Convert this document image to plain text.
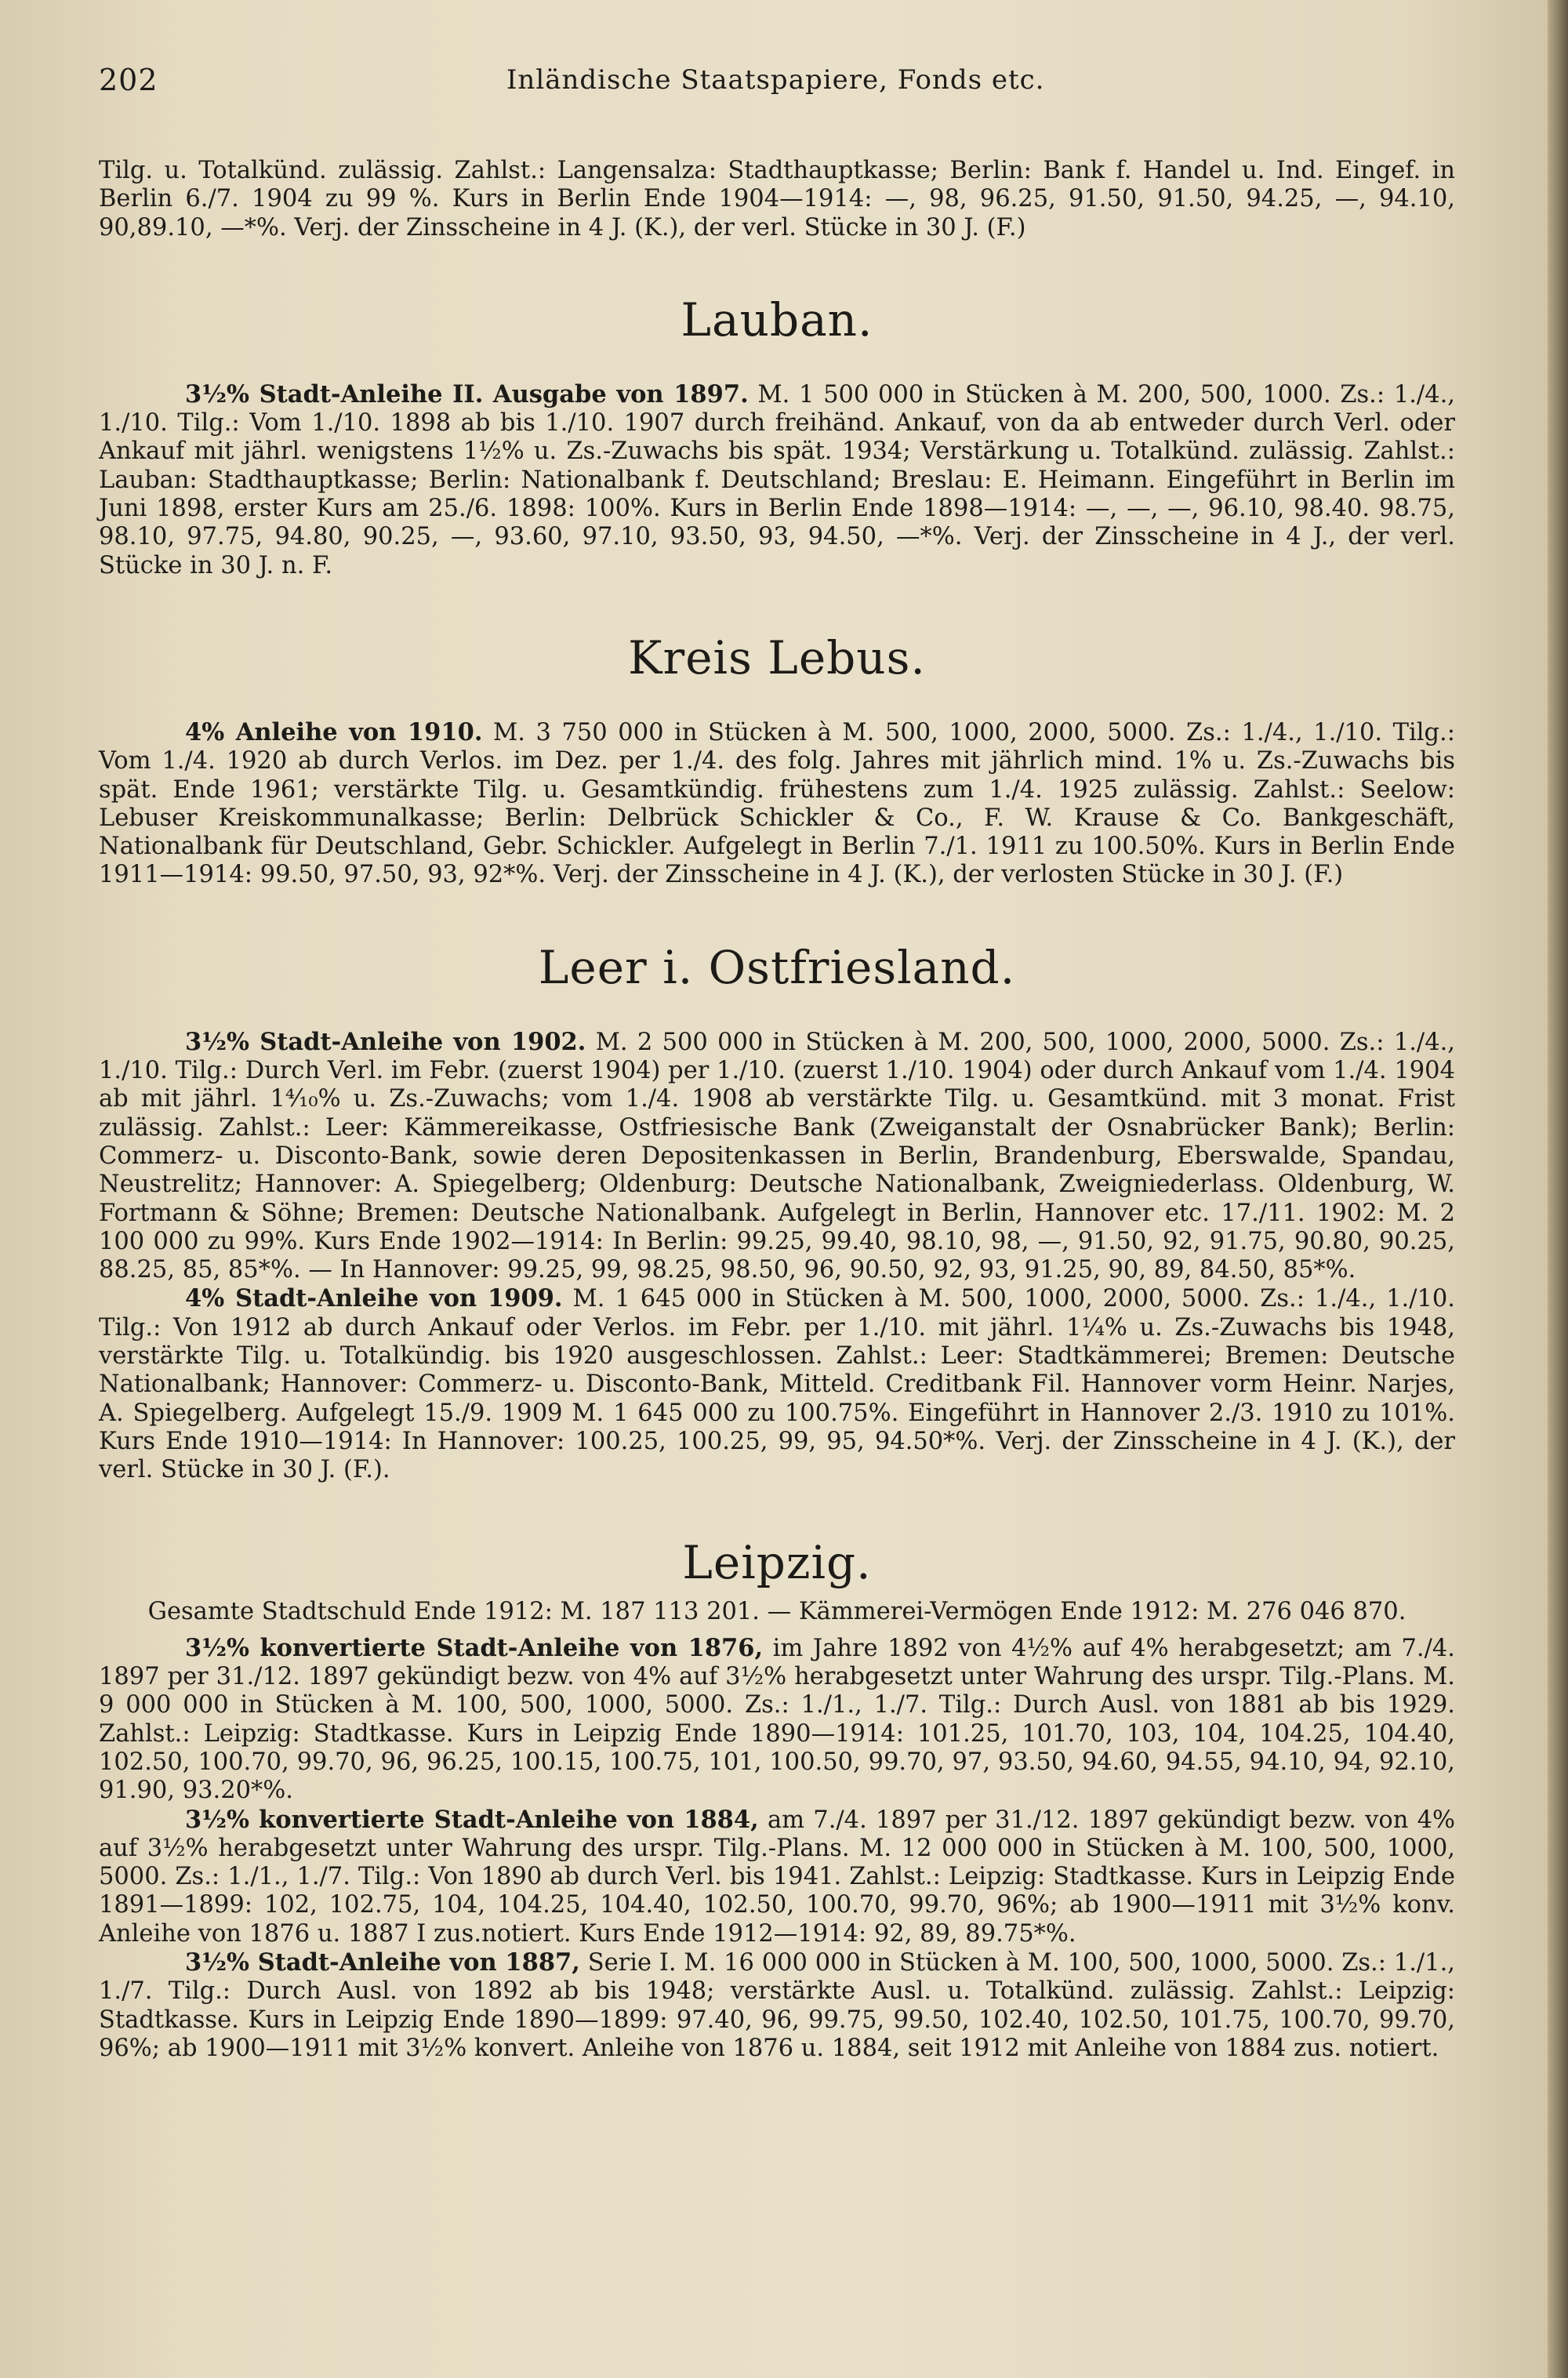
202	Inländische Staatspapiere, Fonds etc.

Tilg. u. Totalkünd. zulässig. Zahlst.: Langensalza: Stadthauptkasse; Berlin: Bank f. Handel u. Ind. Eingef. in Berlin 6./7. 1904 zu 99 %. Kurs in Berlin Ende 1904—1914: —, 98, 96.25, 91.50, 91.50, 94.25, —, 94.10, 90,89.10, —*%. Verj. der Zinsscheine in 4 J. (K.), der verl. Stücke in 30 J. (F.)

Lauban.

3½% Stadt-Anleihe II. Ausgabe von 1897. M. 1 500 000 in Stücken à M. 200, 500, 1000. Zs.: 1./4., 1./10. Tilg.: Vom 1./10. 1898 ab bis 1./10. 1907 durch freihänd. Ankauf, von da ab entweder durch Verl. oder Ankauf mit jährl. wenigstens 1½% u. Zs.-Zuwachs bis spät. 1934; Verstärkung u. Totalkünd. zulässig. Zahlst.: Lauban: Stadthauptkasse; Berlin: Nationalbank f. Deutschland; Breslau: E. Heimann. Eingeführt in Berlin im Juni 1898, erster Kurs am 25./6. 1898: 100%. Kurs in Berlin Ende 1898—1914: —, —, —, 96.10, 98.40. 98.75, 98.10, 97.75, 94.80, 90.25, —, 93.60, 97.10, 93.50, 93, 94.50, —*%. Verj. der Zinsscheine in 4 J., der verl. Stücke in 30 J. n. F.

Kreis Lebus.

4% Anleihe von 1910. M. 3 750 000 in Stücken à M. 500, 1000, 2000, 5000. Zs.: 1./4., 1./10. Tilg.: Vom 1./4. 1920 ab durch Verlos. im Dez. per 1./4. des folg. Jahres mit jährlich mind. 1% u. Zs.-Zuwachs bis spät. Ende 1961; verstärkte Tilg. u. Gesamtkündig. frühestens zum 1./4. 1925 zulässig. Zahlst.: Seelow: Lebuser Kreiskommunalkasse; Berlin: Delbrück Schickler & Co., F. W. Krause & Co. Bankgeschäft, Nationalbank für Deutschland, Gebr. Schickler. Aufgelegt in Berlin 7./1. 1911 zu 100.50%. Kurs in Berlin Ende 1911—1914: 99.50, 97.50, 93, 92*%. Verj. der Zinsscheine in 4 J. (K.), der verlosten Stücke in 30 J. (F.)

Leer i. Ostfriesland.

3½% Stadt-Anleihe von 1902. M. 2 500 000 in Stücken à M. 200, 500, 1000, 2000, 5000. Zs.: 1./4., 1./10. Tilg.: Durch Verl. im Febr. (zuerst 1904) per 1./10. (zuerst 1./10. 1904) oder durch Ankauf vom 1./4. 1904 ab mit jährl. 1⁴⁄₁₀% u. Zs.-Zuwachs; vom 1./4. 1908 ab verstärkte Tilg. u. Gesamtkünd. mit 3 monat. Frist zulässig. Zahlst.: Leer: Kämmereikasse, Ostfriesische Bank (Zweiganstalt der Osnabrücker Bank); Berlin: Commerz- u. Disconto-Bank, sowie deren Depositenkassen in Berlin, Brandenburg, Eberswalde, Spandau, Neustrelitz; Hannover: A. Spiegelberg; Oldenburg: Deutsche Nationalbank, Zweigniederlass. Oldenburg, W. Fortmann & Söhne; Bremen: Deutsche Nationalbank. Aufgelegt in Berlin, Hannover etc. 17./11. 1902: M. 2 100 000 zu 99%. Kurs Ende 1902—1914: In Berlin: 99.25, 99.40, 98.10, 98, —, 91.50, 92, 91.75, 90.80, 90.25, 88.25, 85, 85*%. — In Hannover: 99.25, 99, 98.25, 98.50, 96, 90.50, 92, 93, 91.25, 90, 89, 84.50, 85*%.

4% Stadt-Anleihe von 1909. M. 1 645 000 in Stücken à M. 500, 1000, 2000, 5000. Zs.: 1./4., 1./10. Tilg.: Von 1912 ab durch Ankauf oder Verlos. im Febr. per 1./10. mit jährl. 1¼% u. Zs.-Zuwachs bis 1948, verstärkte Tilg. u. Totalkündig. bis 1920 ausgeschlossen. Zahlst.: Leer: Stadtkämmerei; Bremen: Deutsche Nationalbank; Hannover: Commerz- u. Disconto-Bank, Mitteld. Creditbank Fil. Hannover vorm Heinr. Narjes, A. Spiegelberg. Aufgelegt 15./9. 1909 M. 1 645 000 zu 100.75%. Eingeführt in Hannover 2./3. 1910 zu 101%. Kurs Ende 1910—1914: In Hannover: 100.25, 100.25, 99, 95, 94.50*%. Verj. der Zinsscheine in 4 J. (K.), der verl. Stücke in 30 J. (F.).

Leipzig.
Gesamte Stadtschuld Ende 1912: M. 187 113 201. — Kämmerei-Vermögen Ende 1912: M. 276 046 870.

3½% konvertierte Stadt-Anleihe von 1876, im Jahre 1892 von 4½% auf 4% herabgesetzt; am 7./4. 1897 per 31./12. 1897 gekündigt bezw. von 4% auf 3½% herabgesetzt unter Wahrung des urspr. Tilg.-Plans. M. 9 000 000 in Stücken à M. 100, 500, 1000, 5000. Zs.: 1./1., 1./7. Tilg.: Durch Ausl. von 1881 ab bis 1929. Zahlst.: Leipzig: Stadtkasse. Kurs in Leipzig Ende 1890—1914: 101.25, 101.70, 103, 104, 104.25, 104.40, 102.50, 100.70, 99.70, 96, 96.25, 100.15, 100.75, 101, 100.50, 99.70, 97, 93.50, 94.60, 94.55, 94.10, 94, 92.10, 91.90, 93.20*%.

3½% konvertierte Stadt-Anleihe von 1884, am 7./4. 1897 per 31./12. 1897 gekündigt bezw. von 4% auf 3½% herabgesetzt unter Wahrung des urspr. Tilg.-Plans. M. 12 000 000 in Stücken à M. 100, 500, 1000, 5000. Zs.: 1./1., 1./7. Tilg.: Von 1890 ab durch Verl. bis 1941. Zahlst.: Leipzig: Stadtkasse. Kurs in Leipzig Ende 1891—1899: 102, 102.75, 104, 104.25, 104.40, 102.50, 100.70, 99.70, 96%; ab 1900—1911 mit 3½% konv. Anleihe von 1876 u. 1887 I zus.notiert. Kurs Ende 1912—1914: 92, 89, 89.75*%.

3½% Stadt-Anleihe von 1887, Serie I. M. 16 000 000 in Stücken à M. 100, 500, 1000, 5000. Zs.: 1./1., 1./7. Tilg.: Durch Ausl. von 1892 ab bis 1948; verstärkte Ausl. u. Totalkünd. zulässig. Zahlst.: Leipzig: Stadtkasse. Kurs in Leipzig Ende 1890—1899: 97.40, 96, 99.75, 99.50, 102.40, 102.50, 101.75, 100.70, 99.70, 96%; ab 1900—1911 mit 3½% konvert. Anleihe von 1876 u. 1884, seit 1912 mit Anleihe von 1884 zus. notiert.
